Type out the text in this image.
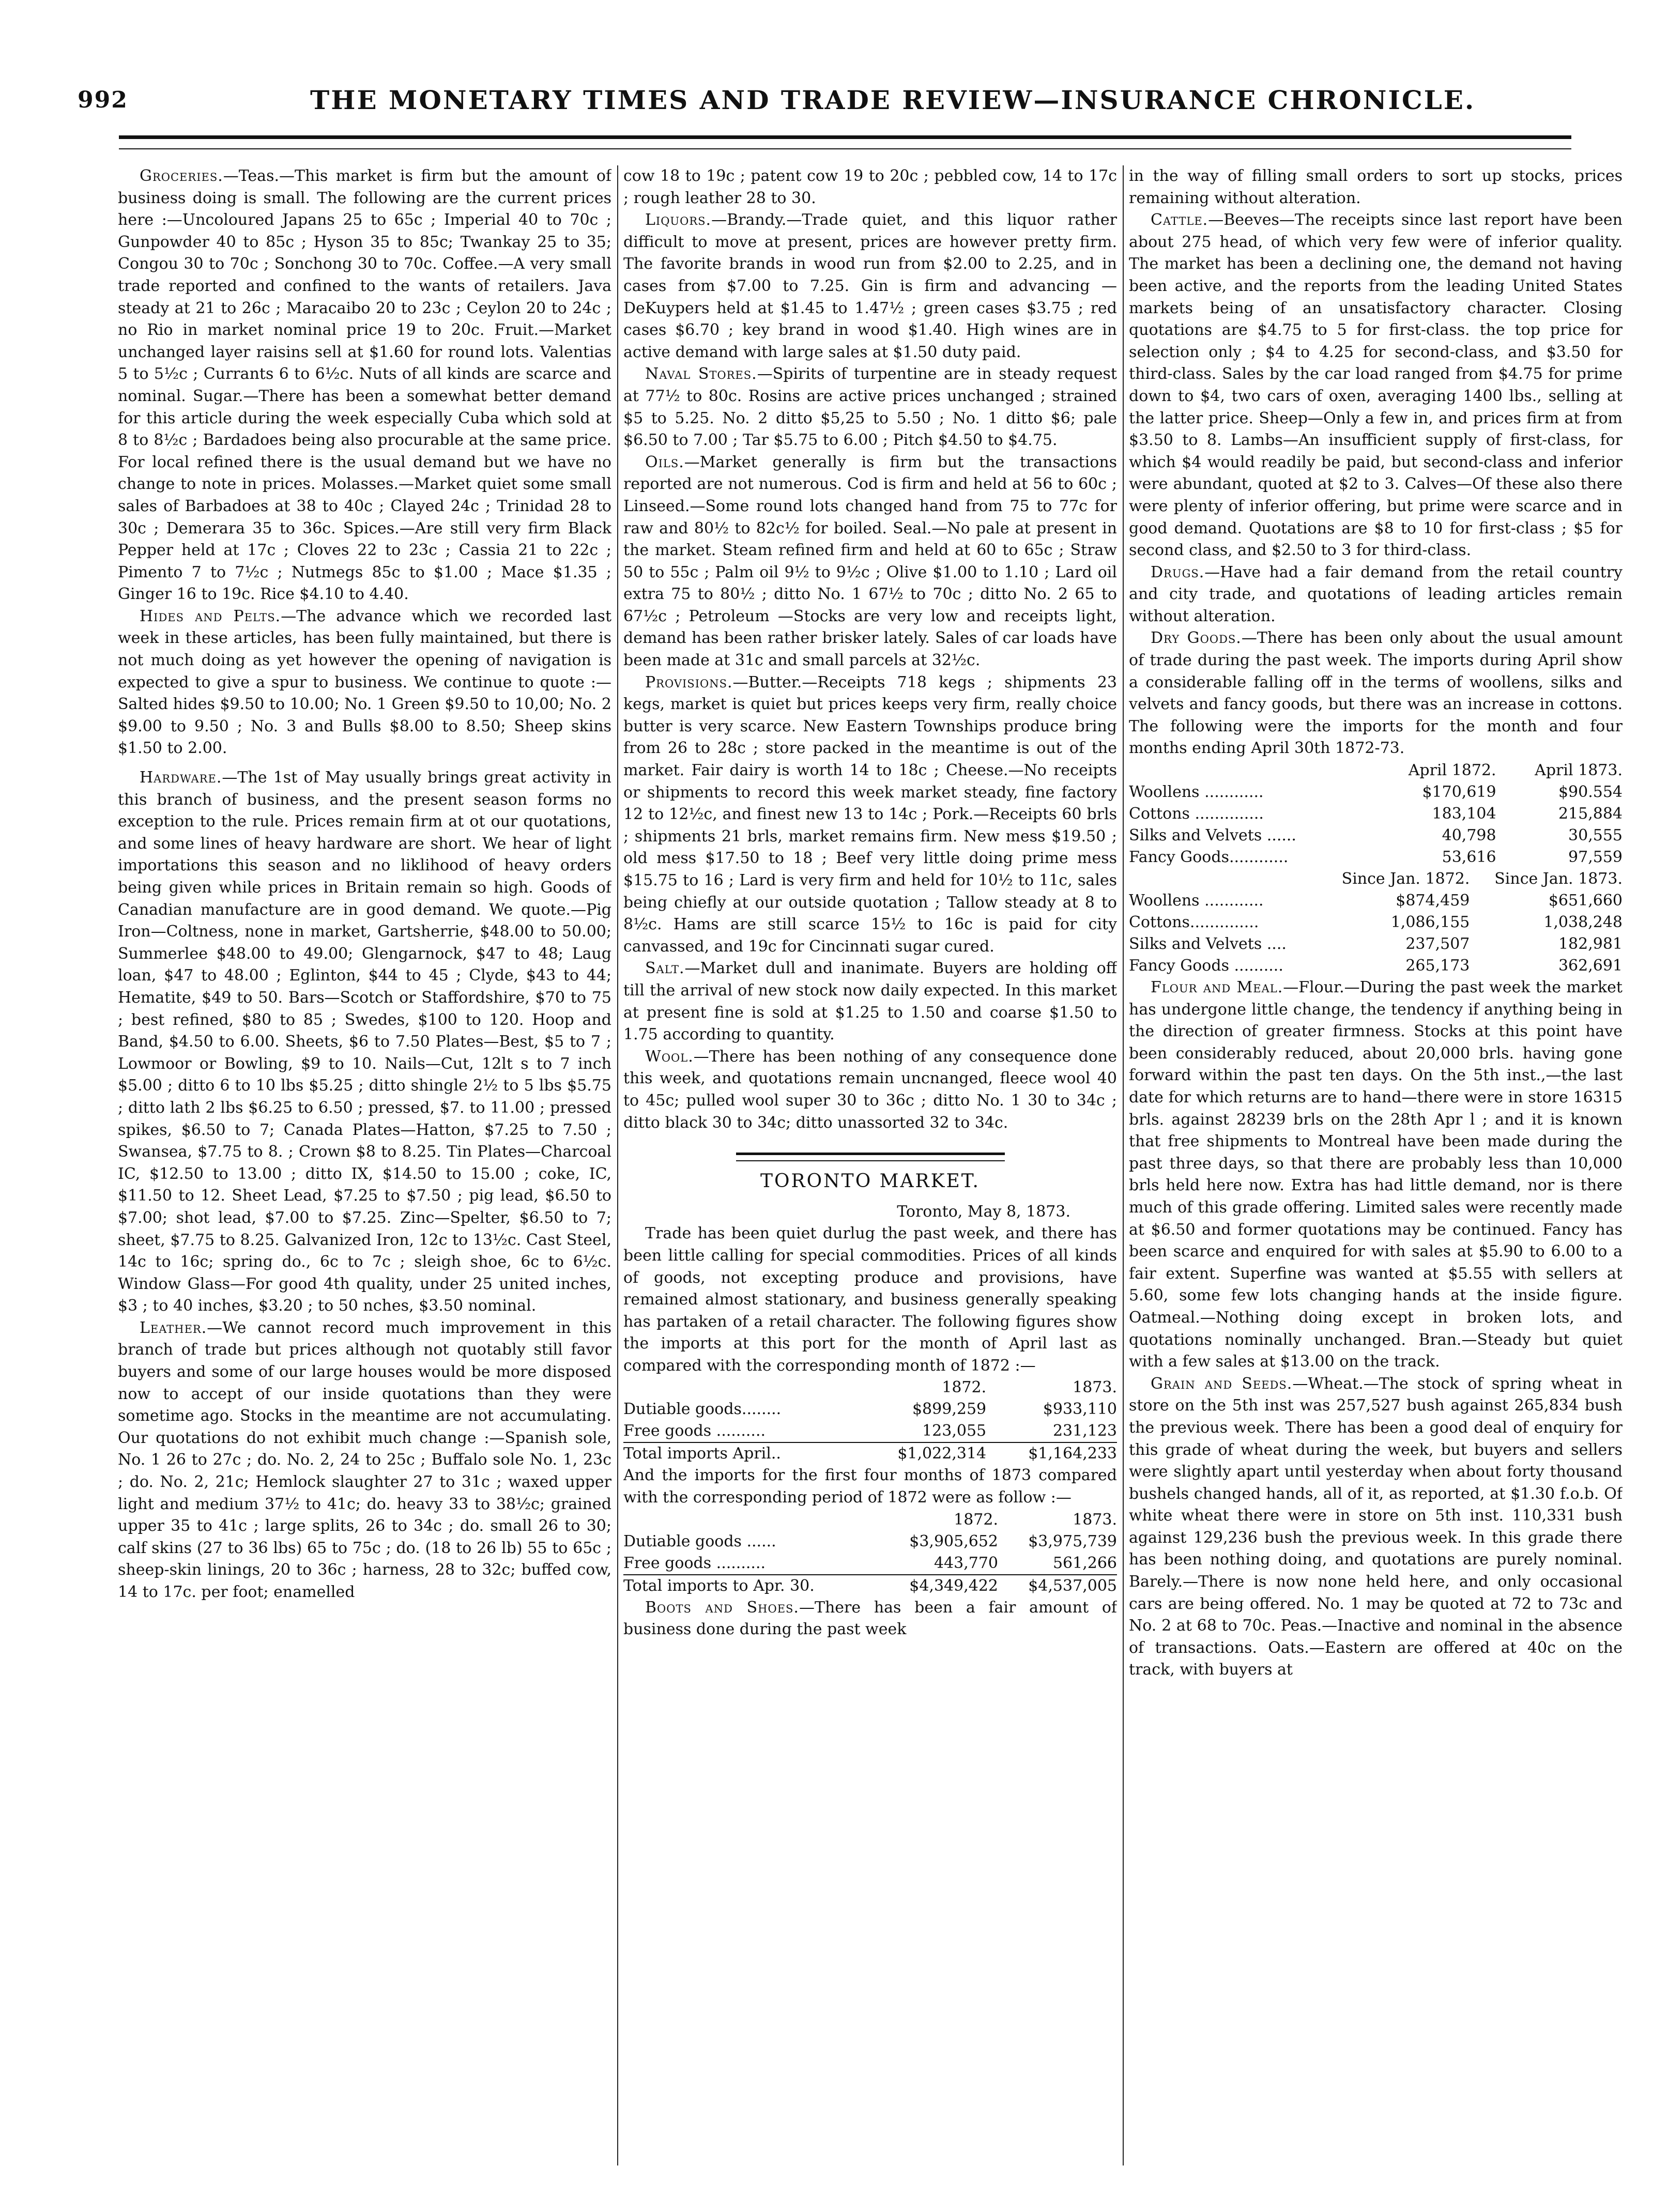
992	THE MONETARY TIMES AND TRADE REVIEW—INSURANCE CHRONICLE.

Groceries.—Teas.—This market is firm but the amount of business doing is small. The following are the current prices here :—Uncoloured Japans 25 to 65c ; Imperial 40 to 70c ; Gunpowder 40 to 85c ; Hyson 35 to 85c; Twankay 25 to 35; Congou 30 to 70c ; Sonchong 30 to 70c. Coffee.—A very small trade reported and confined to the wants of retailers. Java steady at 21 to 26c ; Maracaibo 20 to 23c ; Ceylon 20 to 24c ; no Rio in market nominal price 19 to 20c. Fruit.—Market unchanged layer raisins sell at $1.60 for round lots. Valentias 5 to 5½c ; Currants 6 to 6½c. Nuts of all kinds are scarce and nominal. Sugar.—There has been a somewhat better demand for this article during the week especially Cuba which sold at 8 to 8½c ; Bardadoes being also procurable at the same price. For local refined there is the usual demand but we have no change to note in prices. Molasses.—Market quiet some small sales of Barbadoes at 38 to 40c ; Clayed 24c ; Trinidad 28 to 30c ; Demerara 35 to 36c. Spices.—Are still very firm Black Pepper held at 17c ; Cloves 22 to 23c ; Cassia 21 to 22c ; Pimento 7 to 7½c ; Nutmegs 85c to $1.00 ; Mace $1.35 ; Ginger 16 to 19c. Rice $4.10 to 4.40.

Hides and Pelts.—The advance which we recorded last week in these articles, has been fully maintained, but there is not much doing as yet however the opening of navigation is expected to give a spur to business. We continue to quote :—Salted hides $9.50 to 10.00; No. 1 Green $9.50 to 10,00; No. 2 $9.00 to 9.50 ; No. 3 and Bulls $8.00 to 8.50; Sheep skins $1.50 to 2.00.

Hardware.—The 1st of May usually brings great activity in this branch of business, and the present season forms no exception to the rule. Prices remain firm at ot our quotations, and some lines of heavy hardware are short. We hear of light importations this season and no liklihood of heavy orders being given while prices in Britain remain so high. Goods of Canadian manufacture are in good demand. We quote.—Pig Iron—Coltness, none in market, Gartsherrie, $48.00 to 50.00; Summerlee $48.00 to 49.00; Glengarnock, $47 to 48; Laug loan, $47 to 48.00 ; Eglinton, $44 to 45 ; Clyde, $43 to 44; Hematite, $49 to 50. Bars—Scotch or Staffordshire, $70 to 75 ; best refined, $80 to 85 ; Swedes, $100 to 120. Hoop and Band, $4.50 to 6.00. Sheets, $6 to 7.50 Plates—Best, $5 to 7 ; Lowmoor or Bowling, $9 to 10. Nails—Cut, 12lt s to 7 inch $5.00 ; ditto 6 to 10 lbs $5.25 ; ditto shingle 2½ to 5 lbs $5.75 ; ditto lath 2 lbs $6.25 to 6.50 ; pressed, $7. to 11.00 ; pressed spikes, $6.50 to 7; Canada Plates—Hatton, $7.25 to 7.50 ; Swansea, $7.75 to 8. ; Crown $8 to 8.25. Tin Plates—Charcoal IC, $12.50 to 13.00 ; ditto IX, $14.50 to 15.00 ; coke, IC, $11.50 to 12. Sheet Lead, $7.25 to $7.50 ; pig lead, $6.50 to $7.00; shot lead, $7.00 to $7.25. Zinc—Spelter, $6.50 to 7; sheet, $7.75 to 8.25. Galvanized Iron, 12c to 13½c. Cast Steel, 14c to 16c; spring do., 6c to 7c ; sleigh shoe, 6c to 6½c. Window Glass—For good 4th quality, under 25 united inches, $3 ; to 40 inches, $3.20 ; to 50 nches, $3.50 nominal.

Leather.—We cannot record much improvement in this branch of trade but prices although not quotably still favor buyers and some of our large houses would be more disposed now to accept of our inside quotations than they were sometime ago. Stocks in the meantime are not accumulating. Our quotations do not exhibit much change :—Spanish sole, No. 1 26 to 27c ; do. No. 2, 24 to 25c ; Buffalo sole No. 1, 23c ; do. No. 2, 21c; Hemlock slaughter 27 to 31c ; waxed upper light and medium 37½ to 41c; do. heavy 33 to 38½c; grained upper 35 to 41c ; large splits, 26 to 34c ; do. small 26 to 30; calf skins (27 to 36 lbs) 65 to 75c ; do. (18 to 26 lb) 55 to 65c ; sheep-skin linings, 20 to 36c ; harness, 28 to 32c; buffed cow, 14 to 17c. per foot; enamelled

cow 18 to 19c ; patent cow 19 to 20c ; pebbled cow, 14 to 17c ; rough leather 28 to 30.

Liquors.—Brandy.—Trade quiet, and this liquor rather difficult to move at present, prices are however pretty firm. The favorite brands in wood run from $2.00 to 2.25, and in cases from $7.00 to 7.25. Gin is firm and advancing —DeKuypers held at $1.45 to 1.47½ ; green cases $3.75 ; red cases $6.70 ; key brand in wood $1.40. High wines are in active demand with large sales at $1.50 duty paid.

Naval Stores.—Spirits of turpentine are in steady request at 77½ to 80c. Rosins are active prices unchanged ; strained $5 to 5.25. No. 2 ditto $5,25 to 5.50 ; No. 1 ditto $6; pale $6.50 to 7.00 ; Tar $5.75 to 6.00 ; Pitch $4.50 to $4.75.

Oils.—Market generally is firm but the transactions reported are not numerous. Cod is firm and held at 56 to 60c ; Linseed.—Some round lots changed hand from 75 to 77c for raw and 80½ to 82c½ for boiled. Seal.—No pale at present in the market. Steam refined firm and held at 60 to 65c ; Straw 50 to 55c ; Palm oil 9½ to 9½c ; Olive $1.00 to 1.10 ; Lard oil extra 75 to 80½ ; ditto No. 1 67½ to 70c ; ditto No. 2 65 to 67½c ; Petroleum —Stocks are very low and receipts light, demand has been rather brisker lately. Sales of car loads have been made at 31c and small parcels at 32½c.

Provisions.—Butter.—Receipts 718 kegs ; shipments 23 kegs, market is quiet but prices keeps very firm, really choice butter is very scarce. New Eastern Townships produce bring from 26 to 28c ; store packed in the meantime is out of the market. Fair dairy is worth 14 to 18c ; Cheese.—No receipts or shipments to record this week market steady, fine factory 12 to 12½c, and finest new 13 to 14c ; Pork.—Receipts 60 brls ; shipments 21 brls, market remains firm. New mess $19.50 ; old mess $17.50 to 18 ; Beef very little doing prime mess $15.75 to 16 ; Lard is very firm and held for 10½ to 11c, sales being chiefly at our outside quotation ; Tallow steady at 8 to 8½c. Hams are still scarce 15½ to 16c is paid for city canvassed, and 19c for Cincinnati sugar cured.

Salt.—Market dull and inanimate. Buyers are holding off till the arrival of new stock now daily expected. In this market at present fine is sold at $1.25 to 1.50 and coarse $1.50 to 1.75 according to quantity.

Wool.—There has been nothing of any consequence done this week, and quotations remain uncnanged, fleece wool 40 to 45c; pulled wool super 30 to 36c ; ditto No. 1 30 to 34c ; ditto black 30 to 34c; ditto unassorted 32 to 34c.

TORONTO MARKET.

Toronto, May 8, 1873.

Trade has been quiet durlug the past week, and there has been little calling for special commodities. Prices of all kinds of goods, not excepting produce and provisions, have remained almost stationary, and business generally speaking has partaken of a retail character. The following figures show the imports at this port for the month of April last as compared with the corresponding month of 1872 :—

	1872.	1873.
Dutiable goods........	$899,259	$933,110
Free goods ..........	123,055	231,123
Total imports April..	$1,022,314	$1,164,233

And the imports for the first four months of 1873 compared with the corresponding period of 1872 were as follow :—

	1872.	1873.
Dutiable goods ......	$3,905,652	$3,975,739
Free goods ..........	443,770	561,266
Total imports to Apr. 30.	$4,349,422	$4,537,005

Boots and Shoes.—There has been a fair amount of business done during the past week

in the way of filling small orders to sort up stocks, prices remaining without alteration.

Cattle.—Beeves—The receipts since last report have been about 275 head, of which very few were of inferior quality. The market has been a declining one, the demand not having been active, and the reports from the leading United States markets being of an unsatisfactory character. Closing quotations are $4.75 to 5 for first-class. the top price for selection only ; $4 to 4.25 for second-class, and $3.50 for third-class. Sales by the car load ranged from $4.75 for prime down to $4, two cars of oxen, averaging 1400 lbs., selling at the latter price. Sheep—Only a few in, and prices firm at from $3.50 to 8. Lambs—An insufficient supply of first-class, for which $4 would readily be paid, but second-class and inferior were abundant, quoted at $2 to 3. Calves—Of these also there were plenty of inferior offering, but prime were scarce and in good demand. Quotations are $8 to 10 for first-class ; $5 for second class, and $2.50 to 3 for third-class.

Drugs.—Have had a fair demand from the retail country and city trade, and quotations of leading articles remain without alteration.

Dry Goods.—There has been only about the usual amount of trade during the past week. The imports during April show a considerable falling off in the terms of woollens, silks and velvets and fancy goods, but there was an increase in cottons. The following were the imports for the month and four months ending April 30th 1872-73.

	April 1872.	April 1873.
Woollens ............	$170,619	$90.554
Cottons ..............	183,104	215,884
Silks and Velvets ......	40,798	30,555
Fancy Goods............	53,616	97,559
	Since Jan. 1872.	Since Jan. 1873.
Woollens ............	$874,459	$651,660
Cottons..............	1,086,155	1,038,248
Silks and Velvets ....	237,507	182,981
Fancy Goods ..........	265,173	362,691

Flour and Meal.—Flour.—During the past week the market has undergone little change, the tendency if anything being in the direction of greater firmness. Stocks at this point have been considerably reduced, about 20,000 brls. having gone forward within the past ten days. On the 5th inst.,—the last date for which returns are to hand—there were in store 16315 brls. against 28239 brls on the 28th Apr l ; and it is known that free shipments to Montreal have been made during the past three days, so that there are probably less than 10,000 brls held here now. Extra has had little demand, nor is there much of this grade offering. Limited sales were recently made at $6.50 and former quotations may be continued. Fancy has been scarce and enquired for with sales at $5.90 to 6.00 to a fair extent. Superfine was wanted at $5.55 with sellers at 5.60, some few lots changing hands at the inside figure. Oatmeal.—Nothing doing except in broken lots, and quotations nominally unchanged. Bran.—Steady but quiet with a few sales at $13.00 on the track.

Grain and Seeds.—Wheat.—The stock of spring wheat in store on the 5th inst was 257,527 bush against 265,834 bush the previous week. There has been a good deal of enquiry for this grade of wheat during the week, but buyers and sellers were slightly apart until yesterday when about forty thousand bushels changed hands, all of it, as reported, at $1.30 f.o.b. Of white wheat there were in store on 5th inst. 110,331 bush against 129,236 bush the previous week. In this grade there has been nothing doing, and quotations are purely nominal. Barely.—There is now none held here, and only occasional cars are being offered. No. 1 may be quoted at 72 to 73c and No. 2 at 68 to 70c. Peas.—Inactive and nominal in the absence of transactions. Oats.—Eastern are offered at 40c on the track, with buyers at
